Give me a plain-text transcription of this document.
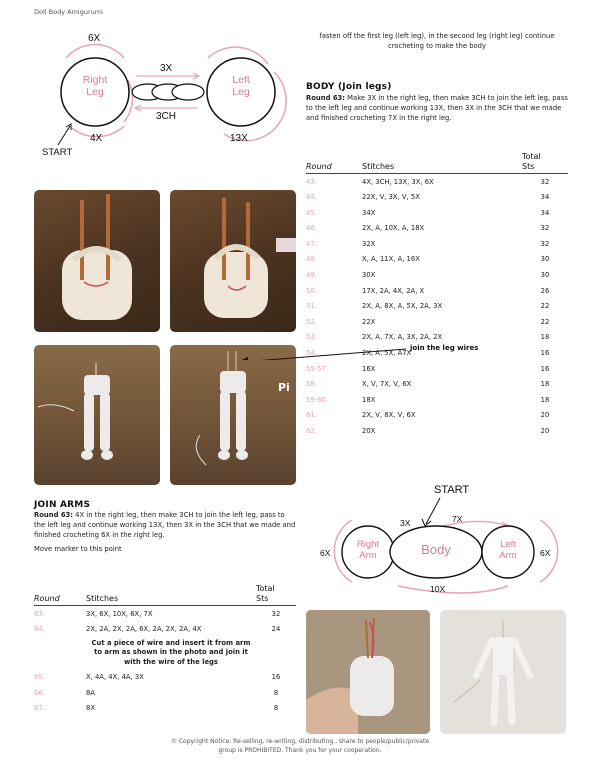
Doll Body Amigurumi
Right
Leg
Left
Leg
6X
3X
3CH
4X	13X
START
fasten off the first leg (left leg), in the second leg (right leg) continue crocheting to make the body
BODY (Join legs)
Round 63: Make 3X in the right leg, then make 3CH to join the left leg, pass to the left leg and continue working 13X, then 3X in the 3CH that we made and finished crocheting 7X in the right leg.
Round	Stitches	Total
Sts
43.	4X, 3CH, 13X, 3X, 6X	32
44.	22X, V, 3X, V, 5X	34
45.	34X	34
46.	2X, A, 10X, A, 18X	32
47.	32X	32
48.	X, A, 11X, A, 16X	30
49.	30X	30
50.	17X, 2A, 4X, 2A, X	26
51.	2X, A, 8X, A, 5X, 2A, 3X	22
52.	22X	22
53.	2X, A, 7X, A, 3X, 2A, 2X	18
54.	2X, A, 5X, A7X	16
55-57.	16X	16
58.	X, V, 7X, V, 6X	18
59-60.	18X	18
61.	2X, V, 8X, V, 6X	20
62.	20X	20
Pi
join the leg wires
JOIN ARMS
Round 63: 4X in the right leg, then make 3CH to join the left leg, pass to the left leg and continue working 13X, then 3X in the 3CH that we made and finished crocheting 6X in the right leg.
Move marker to this point
START
Right
Arm	Body	Left
Arm
3X	7X
6X	6X
10X
Round	Stitches	Total
Sts
63.	3X, 6X, 10X, 6X, 7X	32
64.	2X, 2A, 2X, 2A, 6X, 2A, 2X, 2A, 4X	24
	Cut a piece of wire and insert it from arm
to arm as shown in the photo and join it
with the wire of the legs	
65.	X, 4A, 4X, 4A, 3X	16
66.	8A	8
67.	8X	8
© Copyright Notice: Re-selling, re-writing, distributing , share to people/public/private
group is PROHIBITED. Thank you for your cooperation.
